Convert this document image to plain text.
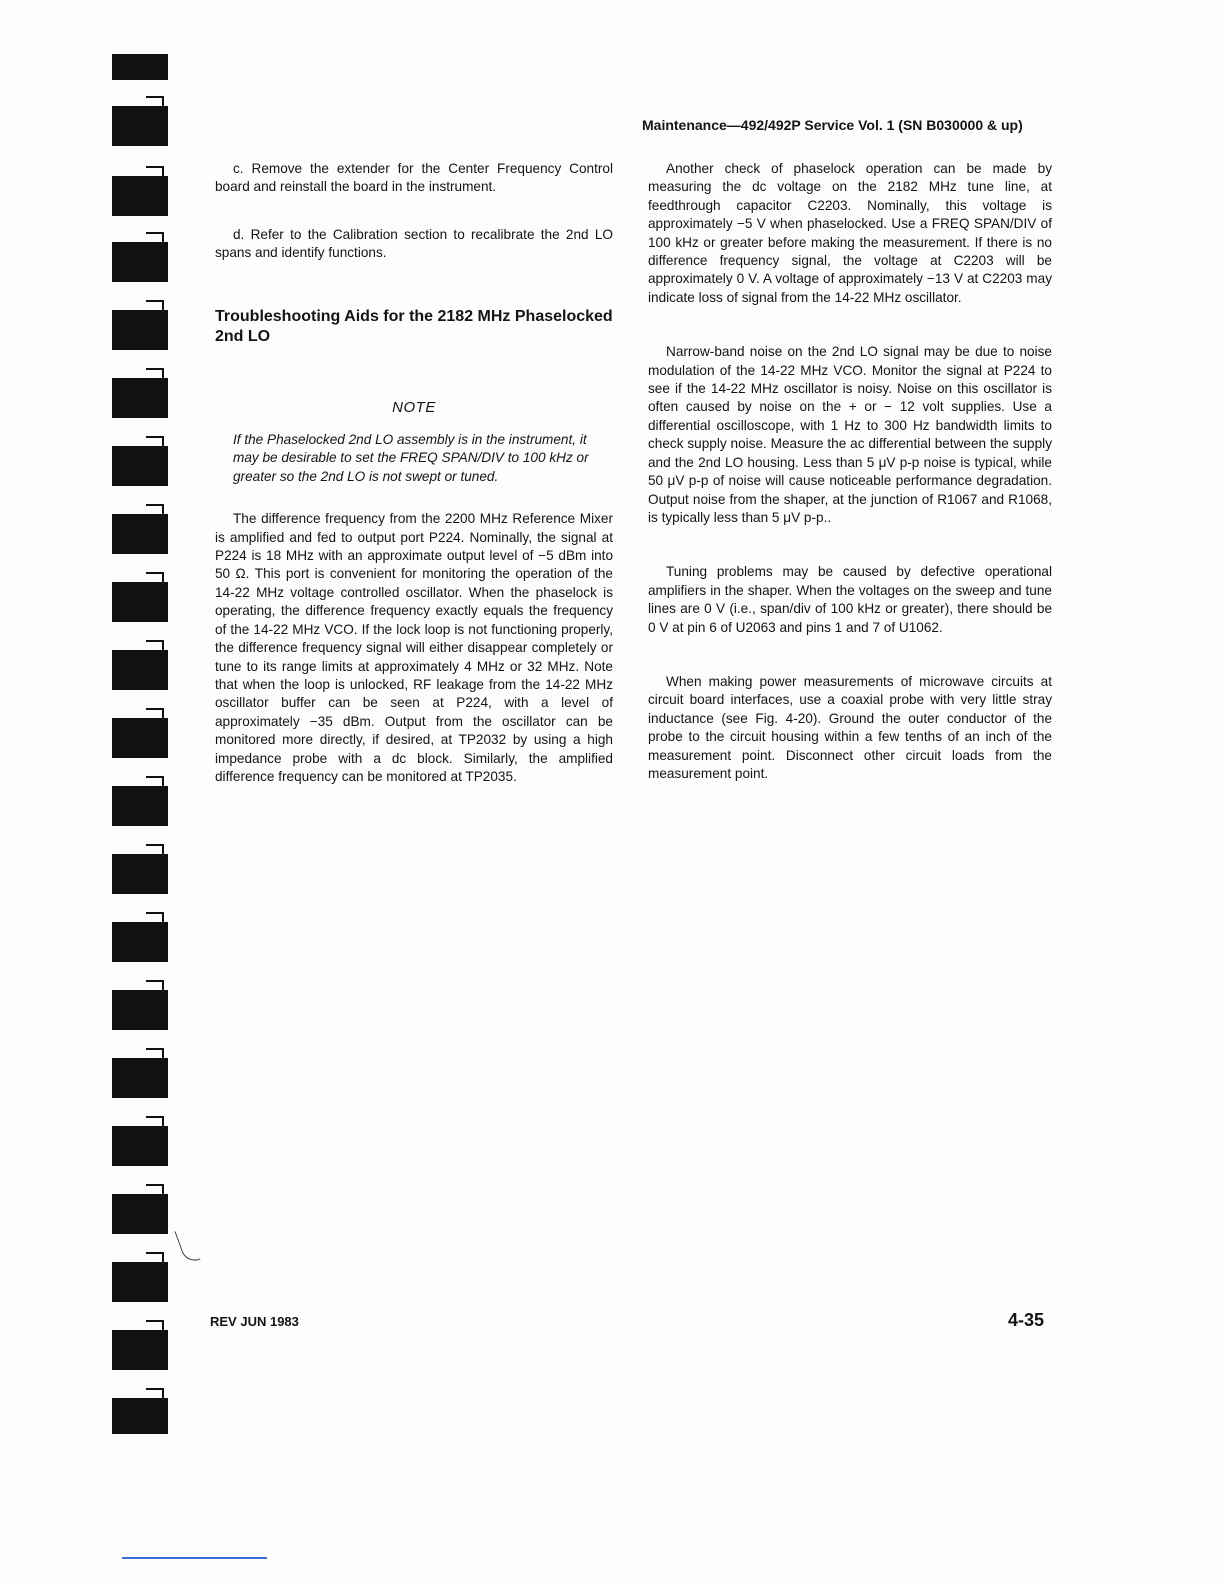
Maintenance—492/492P Service Vol. 1 (SN B030000 & up)

c. Remove the extender for the Center Frequency Control board and reinstall the board in the instrument.

d. Refer to the Calibration section to recalibrate the 2nd LO spans and identify functions.

Troubleshooting Aids for the 2182 MHz Phaselocked 2nd LO

NOTE

If the Phaselocked 2nd LO assembly is in the instrument, it may be desirable to set the FREQ SPAN/DIV to 100 kHz or greater so the 2nd LO is not swept or tuned.

The difference frequency from the 2200 MHz Reference Mixer is amplified and fed to output port P224. Nominally, the signal at P224 is 18 MHz with an approximate output level of −5 dBm into 50 Ω. This port is convenient for monitoring the operation of the 14-22 MHz voltage controlled oscillator. When the phaselock is operating, the difference frequency exactly equals the frequency of the 14-22 MHz VCO. If the lock loop is not functioning properly, the difference frequency signal will either disappear completely or tune to its range limits at approximately 4 MHz or 32 MHz. Note that when the loop is unlocked, RF leakage from the 14-22 MHz oscillator buffer can be seen at P224, with a level of approximately −35 dBm. Output from the oscillator can be monitored more directly, if desired, at TP2032 by using a high impedance probe with a dc block. Similarly, the amplified difference frequency can be monitored at TP2035.

Another check of phaselock operation can be made by measuring the dc voltage on the 2182 MHz tune line, at feedthrough capacitor C2203. Nominally, this voltage is approximately −5 V when phaselocked. Use a FREQ SPAN/DIV of 100 kHz or greater before making the measurement. If there is no difference frequency signal, the voltage at C2203 will be approximately 0 V. A voltage of approximately −13 V at C2203 may indicate loss of signal from the 14-22 MHz oscillator.

Narrow-band noise on the 2nd LO signal may be due to noise modulation of the 14-22 MHz VCO. Monitor the signal at P224 to see if the 14-22 MHz oscillator is noisy. Noise on this oscillator is often caused by noise on the + or − 12 volt supplies. Use a differential oscilloscope, with 1 Hz to 300 Hz bandwidth limits to check supply noise. Measure the ac differential between the supply and the 2nd LO housing. Less than 5 μV p-p noise is typical, while 50 μV p-p of noise will cause noticeable performance degradation. Output noise from the shaper, at the junction of R1067 and R1068, is typically less than 5 μV p-p..

Tuning problems may be caused by defective operational amplifiers in the shaper. When the voltages on the sweep and tune lines are 0 V (i.e., span/div of 100 kHz or greater), there should be 0 V at pin 6 of U2063 and pins 1 and 7 of U1062.

When making power measurements of microwave circuits at circuit board interfaces, use a coaxial probe with very little stray inductance (see Fig. 4-20). Ground the outer conductor of the probe to the circuit housing within a few tenths of an inch of the measurement point. Disconnect other circuit loads from the measurement point.

REV JUN 1983	4-35
